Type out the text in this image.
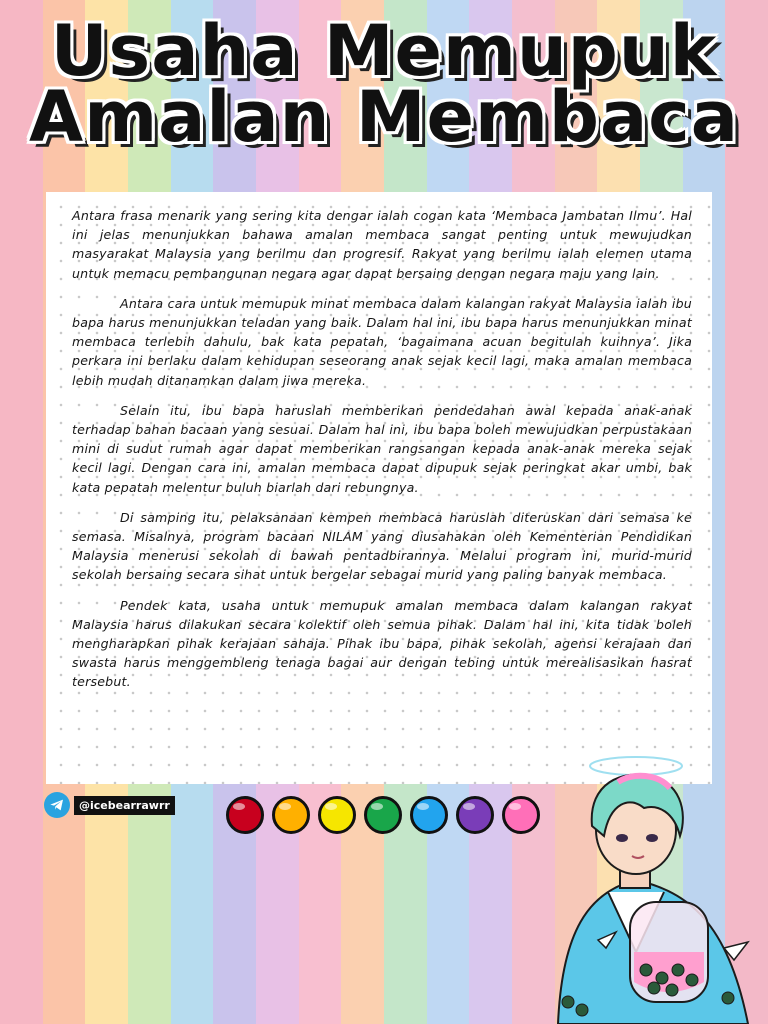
Usaha Memupuk
Amalan Membaca

Antara frasa menarik yang sering kita dengar ialah cogan kata ‘Membaca Jambatan Ilmu’. Hal ini jelas menunjukkan bahawa amalan membaca sangat penting untuk mewujudkan masyarakat Malaysia yang berilmu dan progresif. Rakyat yang berilmu ialah elemen utama untuk memacu pembangunan negara agar dapat bersaing dengan negara maju yang lain.

Antara cara untuk memupuk minat membaca dalam kalangan rakyat Malaysia ialah ibu bapa harus menunjukkan teladan yang baik. Dalam hal ini, ibu bapa harus menunjukkan minat membaca terlebih dahulu, bak kata pepatah, ‘bagaimana acuan begitulah kuihnya’. Jika perkara ini berlaku dalam kehidupan seseorang anak sejak kecil lagi, maka amalan membaca lebih mudah ditanamkan dalam jiwa mereka.

Selain itu, ibu bapa haruslah memberikan pendedahan awal kepada anak-anak terhadap bahan bacaan yang sesuai. Dalam hal ini, ibu bapa boleh mewujudkan perpustakaan mini di sudut rumah agar dapat memberikan rangsangan kepada anak-anak mereka sejak kecil lagi. Dengan cara ini, amalan membaca dapat dipupuk sejak peringkat akar umbi, bak kata pepatah melentur buluh biarlah dari rebungnya.

Di samping itu, pelaksanaan kempen membaca haruslah diteruskan dari semasa ke semasa. Misalnya, program bacaan NILAM yang diusahakan oleh Kementerian Pendidikan Malaysia menerusi sekolah di bawah pentadbirannya. Melalui program ini, murid-murid sekolah bersaing secara sihat untuk bergelar sebagai murid yang paling banyak membaca.

Pendek kata, usaha untuk memupuk amalan membaca dalam kalangan rakyat Malaysia harus dilakukan secara kolektif oleh semua pihak. Dalam hal ini, kita tidak boleh mengharapkan pihak kerajaan sahaja. Pihak ibu bapa, pihak sekolah, agensi kerajaan dan swasta harus menggembleng tenaga bagai aur dengan tebing untuk merealisasikan hasrat tersebut.

@icebearrawrr
